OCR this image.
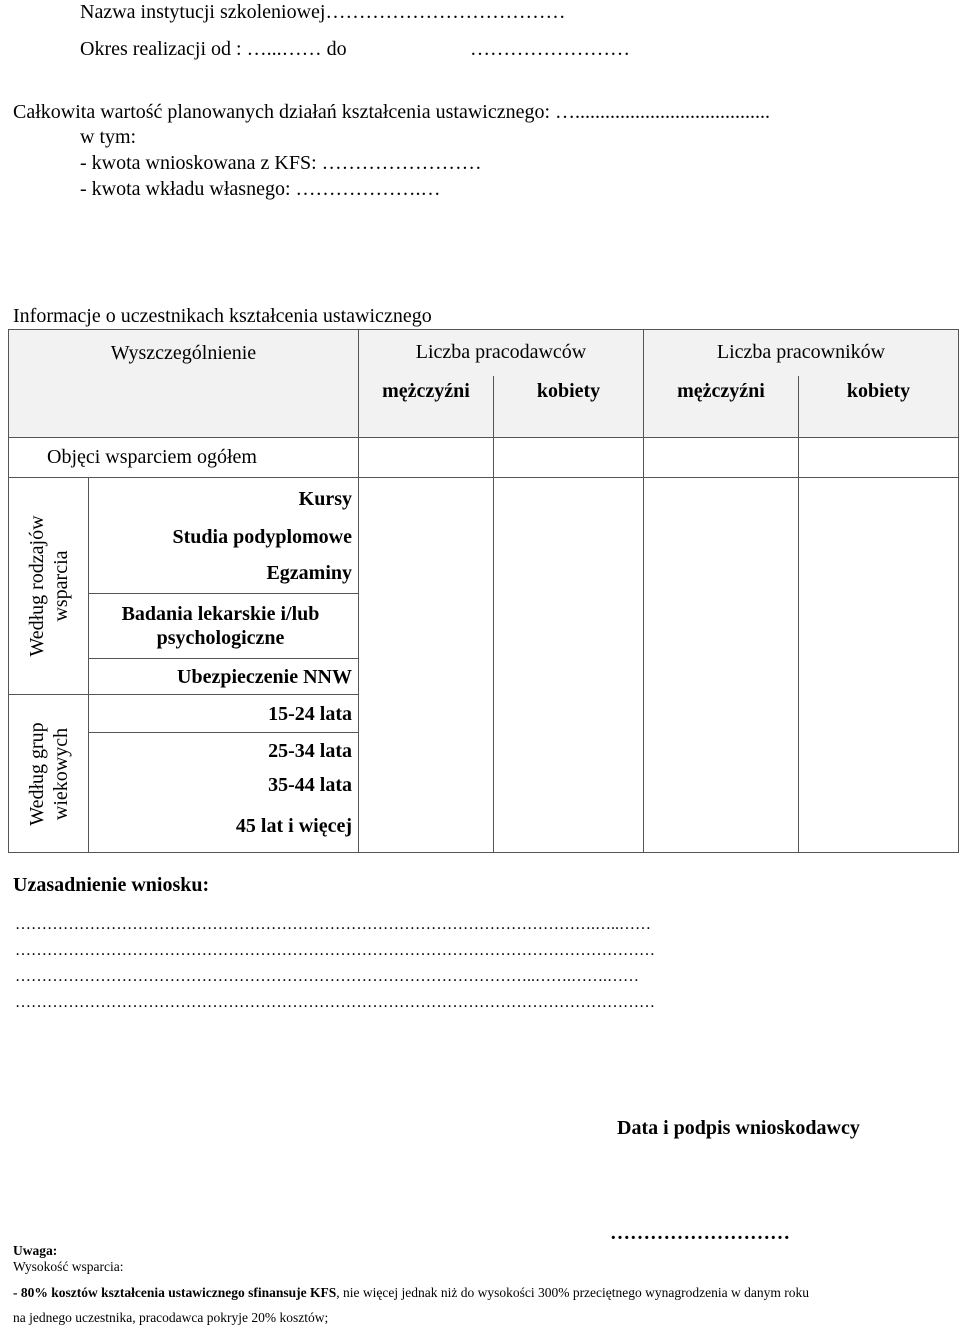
Nazwa instytucji szkoleniowej………………………………
Okres realizacji od : …...…… do	……………………
Całkowita wartość planowanych działań kształcenia ustawicznego: ….......................................
w tym:
- kwota wnioskowana z KFS: ……………………
- kwota wkładu własnego: ……………….…
Informacje o uczestnikach kształcenia ustawicznego
Wyszczególnienie		Liczba pracodawców		Liczba pracowników	
		mężczyźni	kobiety	mężczyźni	kobiety
Objęci wsparciem ogółem					

Według rodzajów wsparcia	Kursy				
	Studia podyplomowe				
	Egzaminy				
	Badania lekarskie i/lub psychologiczne				
	Ubezpieczenie NNW				

Według grup wiekowych	15-24 lata				
	25-34 lata				
	35-44 lata				
	45 lat i więcej				
Uzasadnienie wniosku:
……………………………………………………………………………………………….…..……
…………………………………………………………………………………………………………
……………………………………………………………………………………..…….…….……
…………………………………………………………………………………………………………
Data i podpis wnioskodawcy
………………………
Uwaga:
Wysokość wsparcia:
- 80% kosztów kształcenia ustawicznego sfinansuje KFS, nie więcej jednak niż do wysokości 300% przeciętnego wynagrodzenia w danym roku
na jednego uczestnika, pracodawca pokryje 20% kosztów;
